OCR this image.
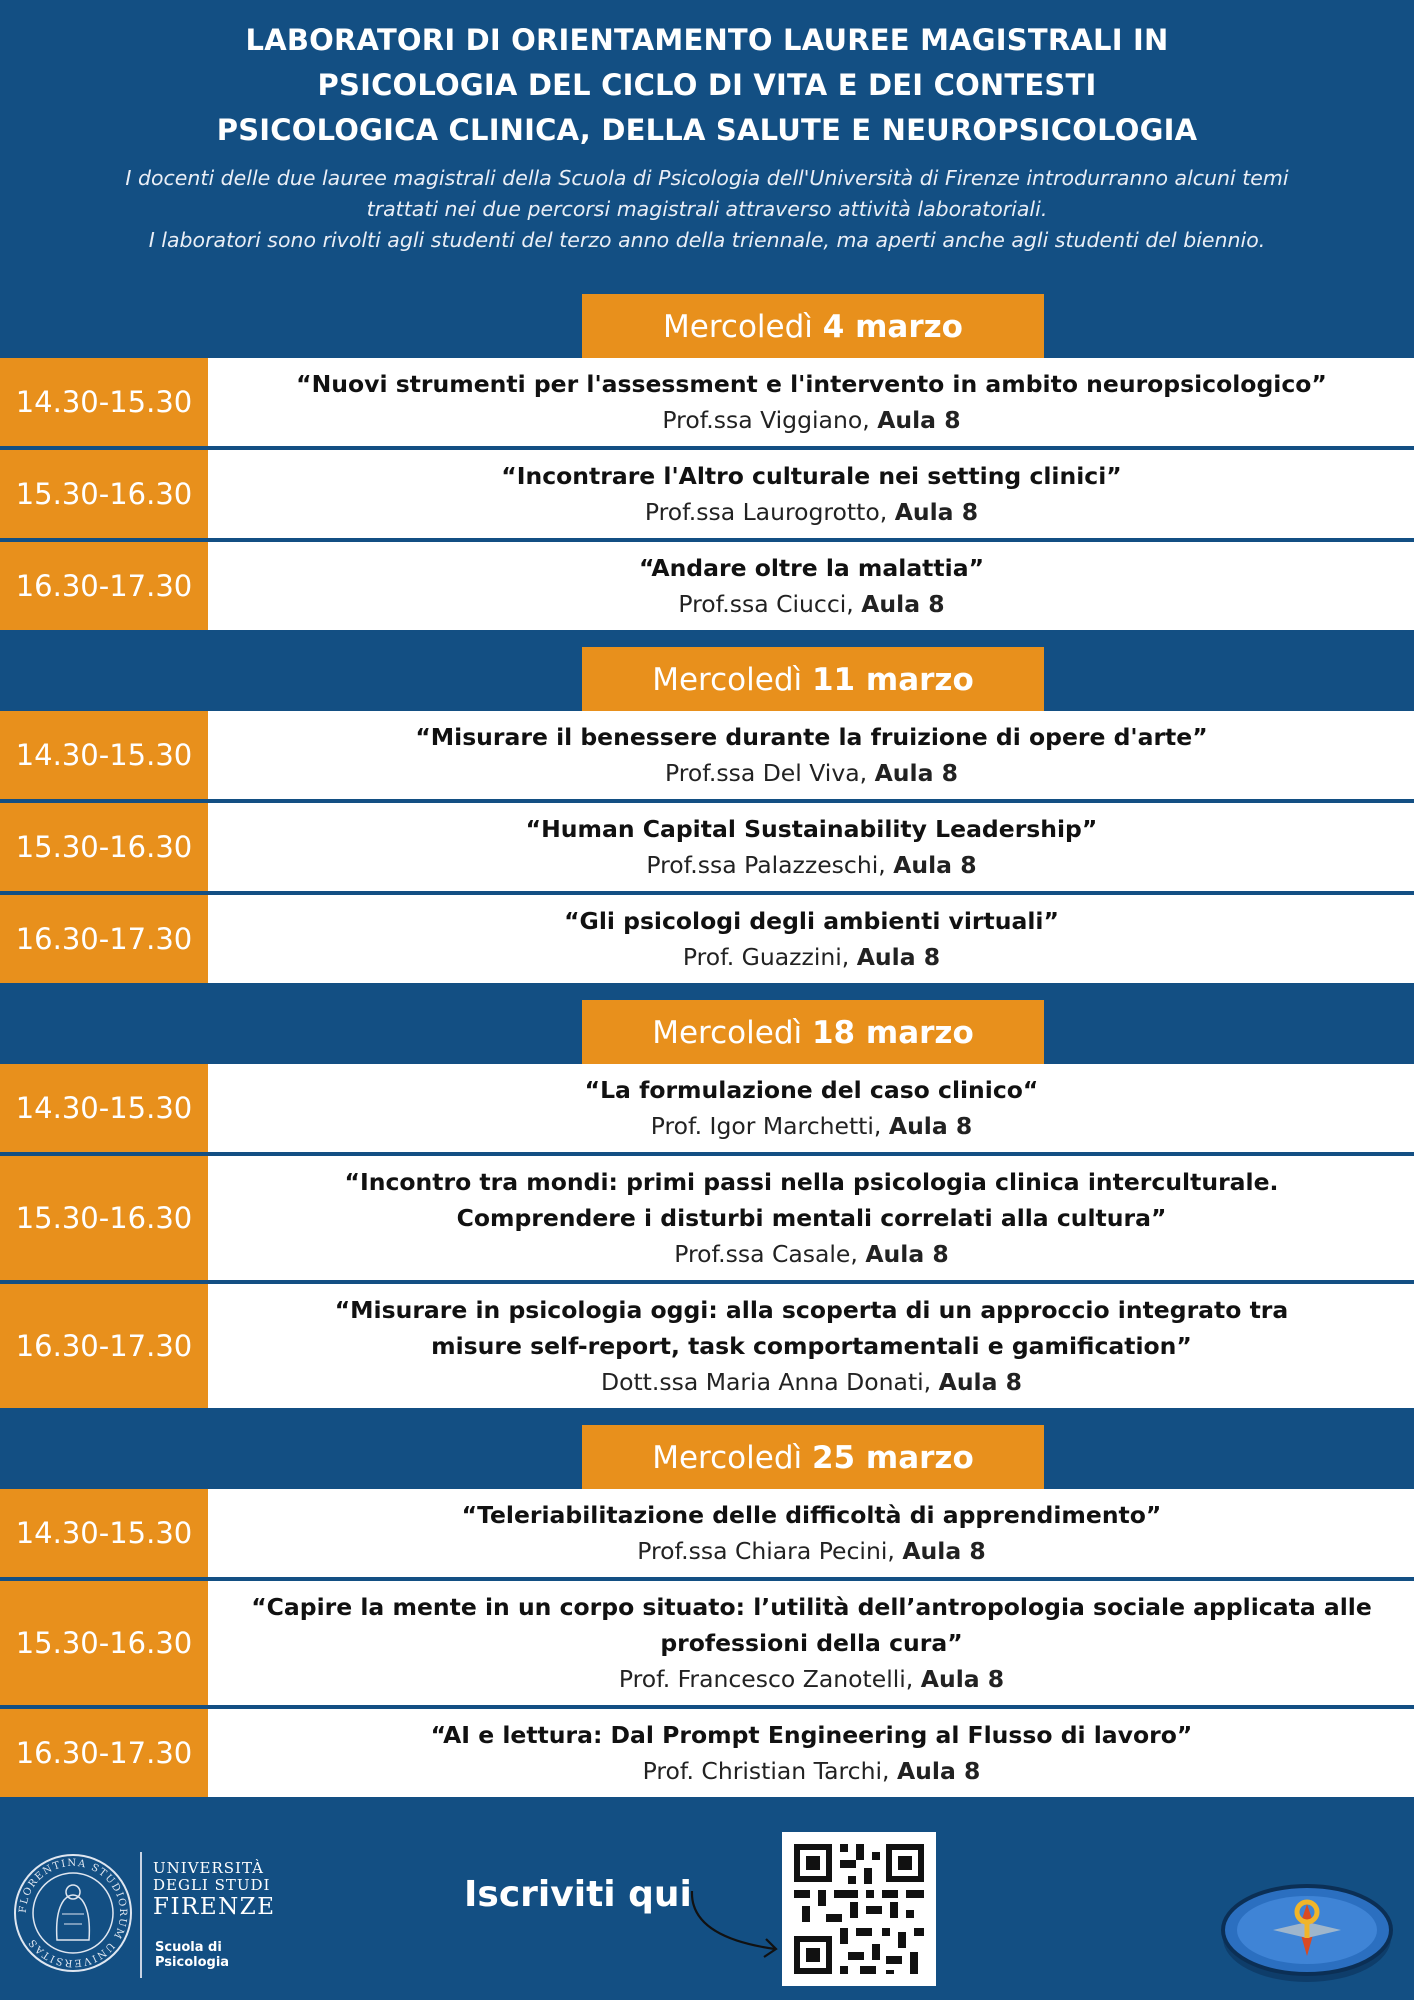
LABORATORI DI ORIENTAMENTO LAUREE MAGISTRALI IN
PSICOLOGIA DEL CICLO DI VITA E DEI CONTESTI
PSICOLOGICA CLINICA, DELLA SALUTE E NEUROPSICOLOGIA
I docenti delle due lauree magistrali della Scuola di Psicologia dell'Università di Firenze introdurranno alcuni temi
trattati nei due percorsi magistrali attraverso attività laboratoriali.
I laboratori sono rivolti agli studenti del terzo anno della triennale, ma aperti anche agli studenti del biennio.
Mercoledì 4 marzo
14.30-15.30
“Nuovi strumenti per l'assessment e l'intervento in ambito neuropsicologico”
Prof.ssa Viggiano, Aula 8
15.30-16.30
“Incontrare l'Altro culturale nei setting clinici”
Prof.ssa Laurogrotto, Aula 8
16.30-17.30
“Andare oltre la malattia”
Prof.ssa Ciucci, Aula 8
Mercoledì 11 marzo
14.30-15.30
“Misurare il benessere durante la fruizione di opere d'arte”
Prof.ssa Del Viva, Aula 8
15.30-16.30
“Human Capital Sustainability Leadership”
Prof.ssa Palazzeschi, Aula 8
16.30-17.30
“Gli psicologi degli ambienti virtuali”
Prof. Guazzini, Aula 8
Mercoledì 18 marzo
14.30-15.30
“La formulazione del caso clinico“
Prof. Igor Marchetti, Aula 8
15.30-16.30
“Incontro tra mondi: primi passi nella psicologia clinica interculturale.
Comprendere i disturbi mentali correlati alla cultura”
Prof.ssa Casale, Aula 8
16.30-17.30
“Misurare in psicologia oggi: alla scoperta di un approccio integrato tra
misure self-report, task comportamentali e gamification”
Dott.ssa Maria Anna Donati, Aula 8
Mercoledì 25 marzo
14.30-15.30
“Teleriabilitazione delle difficoltà di apprendimento”
Prof.ssa Chiara Pecini, Aula 8
15.30-16.30
“Capire la mente in un corpo situato: l’utilità dell’antropologia sociale applicata alle
professioni della cura”
Prof. Francesco Zanotelli, Aula 8
16.30-17.30
“AI e lettura: Dal Prompt Engineering al Flusso di lavoro”
Prof. Christian Tarchi, Aula 8
FLORENTINA STUDIORUM UNIVERSITAS
UNIVERSITÀ
DEGLI STUDI
FIRENZE
Scuola di
Psicologia
Iscriviti qui
